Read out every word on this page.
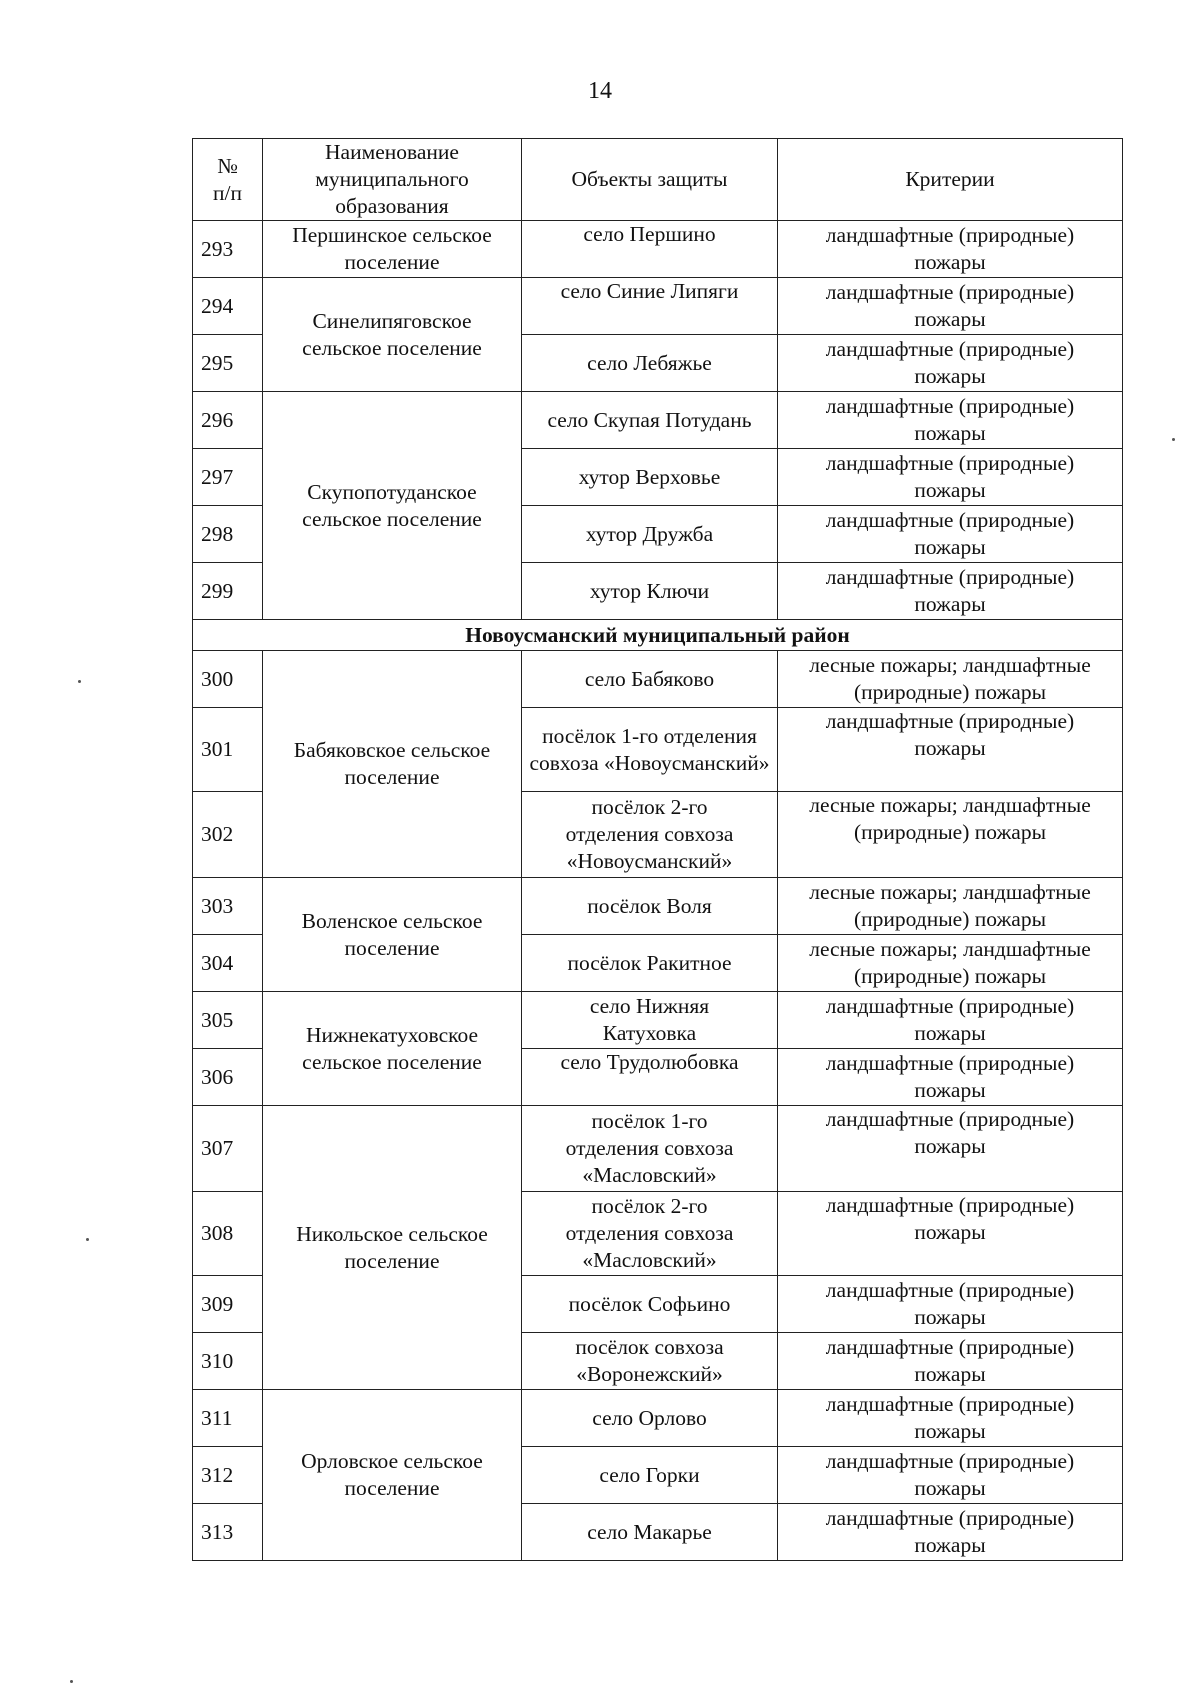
14
№ п/п	Наименование муниципального образования	Объекты защиты	Критерии
293	Першинское сельское поселение	село Першино	ландшафтные (природные) пожары
294	Синелипяговское сельское поселение	село Синие Липяги	ландшафтные (природные) пожары
295		село Лебяжье	ландшафтные (природные) пожары
296	Скупопотуданское сельское поселение	село Скупая Потудань	ландшафтные (природные) пожары
297		хутор Верховье	ландшафтные (природные) пожары
298		хутор Дружба	ландшафтные (природные) пожары
299		хутор Ключи	ландшафтные (природные) пожары
Новоусманский муниципальный район			
300	Бабяковское сельское поселение	село Бабяково	лесные пожары; ландшафтные (природные) пожары
301		посёлок 1-го отделения совхоза «Новоусманский»	ландшафтные (природные) пожары
302		посёлок 2-го отделения совхоза «Новоусманский»	лесные пожары; ландшафтные (природные) пожары
303	Воленское сельское поселение	посёлок Воля	лесные пожары; ландшафтные (природные) пожары
304		посёлок Ракитное	лесные пожары; ландшафтные (природные) пожары
305	Нижнекатуховское сельское поселение	село Нижняя Катуховка	ландшафтные (природные) пожары
306		село Трудолюбовка	ландшафтные (природные) пожары
307	Никольское сельское поселение	посёлок 1-го отделения совхоза «Масловский»	ландшафтные (природные) пожары
308		посёлок 2-го отделения совхоза «Масловский»	ландшафтные (природные) пожары
309		посёлок Софьино	ландшафтные (природные) пожары
310		посёлок совхоза «Воронежский»	ландшафтные (природные) пожары
311	Орловское сельское поселение	село Орлово	ландшафтные (природные) пожары
312		село Горки	ландшафтные (природные) пожары
313		село Макарье	ландшафтные (природные) пожары
